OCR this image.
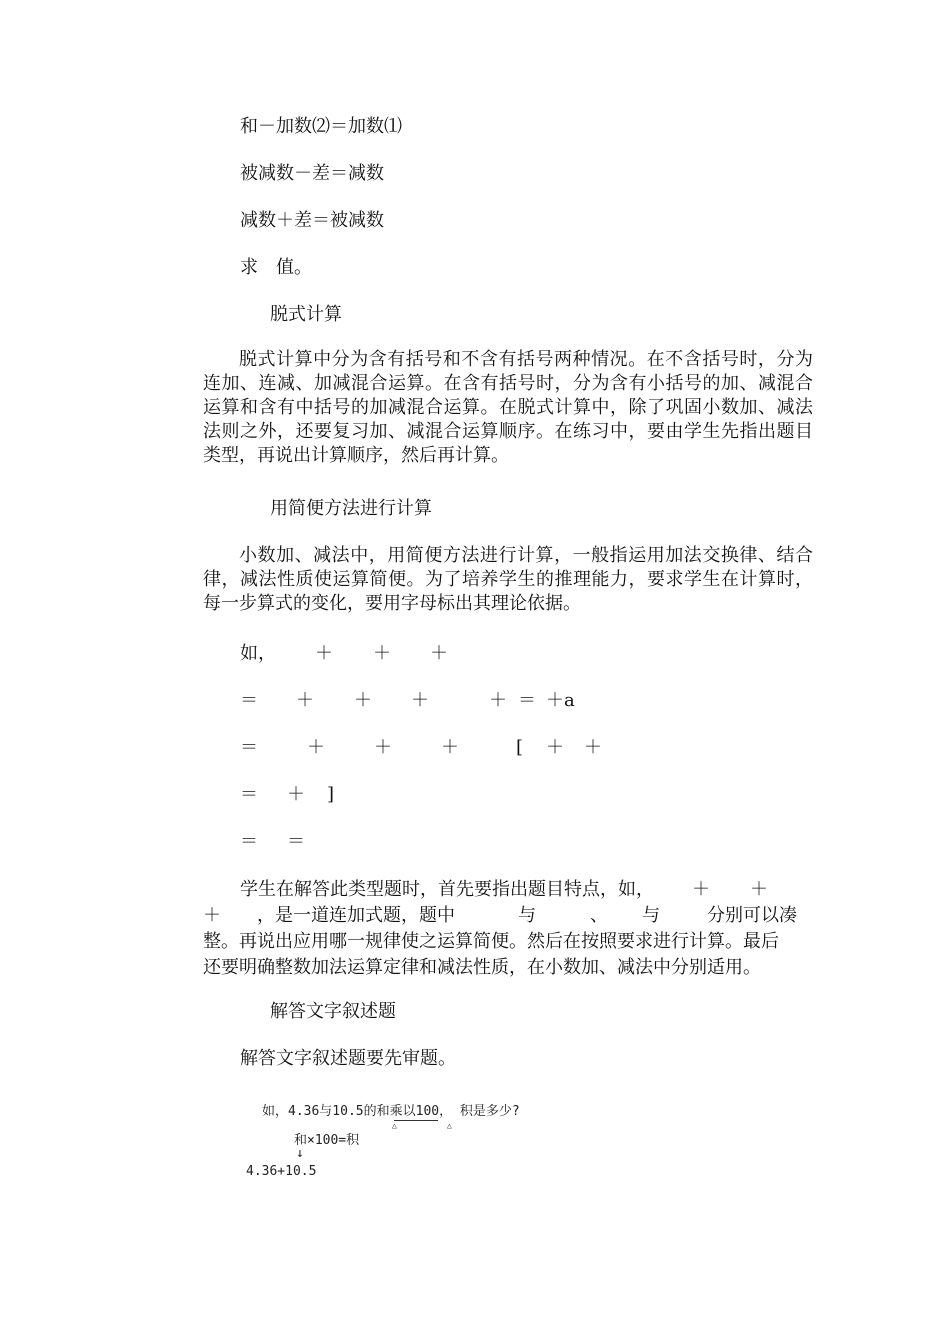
和－加数⑵＝加数⑴
被减数－差＝减数
减数＋差＝被减数
求　值。
脱式计算

脱式计算中分为含有括号和不含有括号两种情况。在不含括号时，分为连加、连减、加减混合运算。在含有括号时，分为含有小括号的加、减混合运算和含有中括号的加减混合运算。在脱式计算中，除了巩固小数加、减法法则之外，还要复习加、减混合运算顺序。在练习中，要由学生先指出题目类型，再说出计算顺序，然后再计算。

用简便方法进行计算

小数加、减法中，用简便方法进行计算，一般指运用加法交换律、结合律，减法性质使运算简便。为了培养学生的推理能力，要求学生在计算时，每一步算式的变化，要用字母标出其理论依据。

如， ＋ ＋ ＋
＝ ＋ ＋ ＋	＋ ＝ ＋a
＝	＋	＋	＋	[ ＋ ＋
＝ ＋ ]
＝ ＝
学生在解答此类型题时，首先要指出题目特点，如， ＋ ＋
＋ ，是一道连加式题，题中	与	、 与	分别可以凑
整。再说出应用哪一规律使之运算简便。然后在按照要求进行计算。最后
还要明确整数加法运算定律和减法性质，在小数加、减法中分别适用。
解答文字叙述题
解答文字叙述题要先审题。
如，4.36与10.5的和乘以100， 积是多少?
△	△
和×100=积
↓
4.36+10.5
